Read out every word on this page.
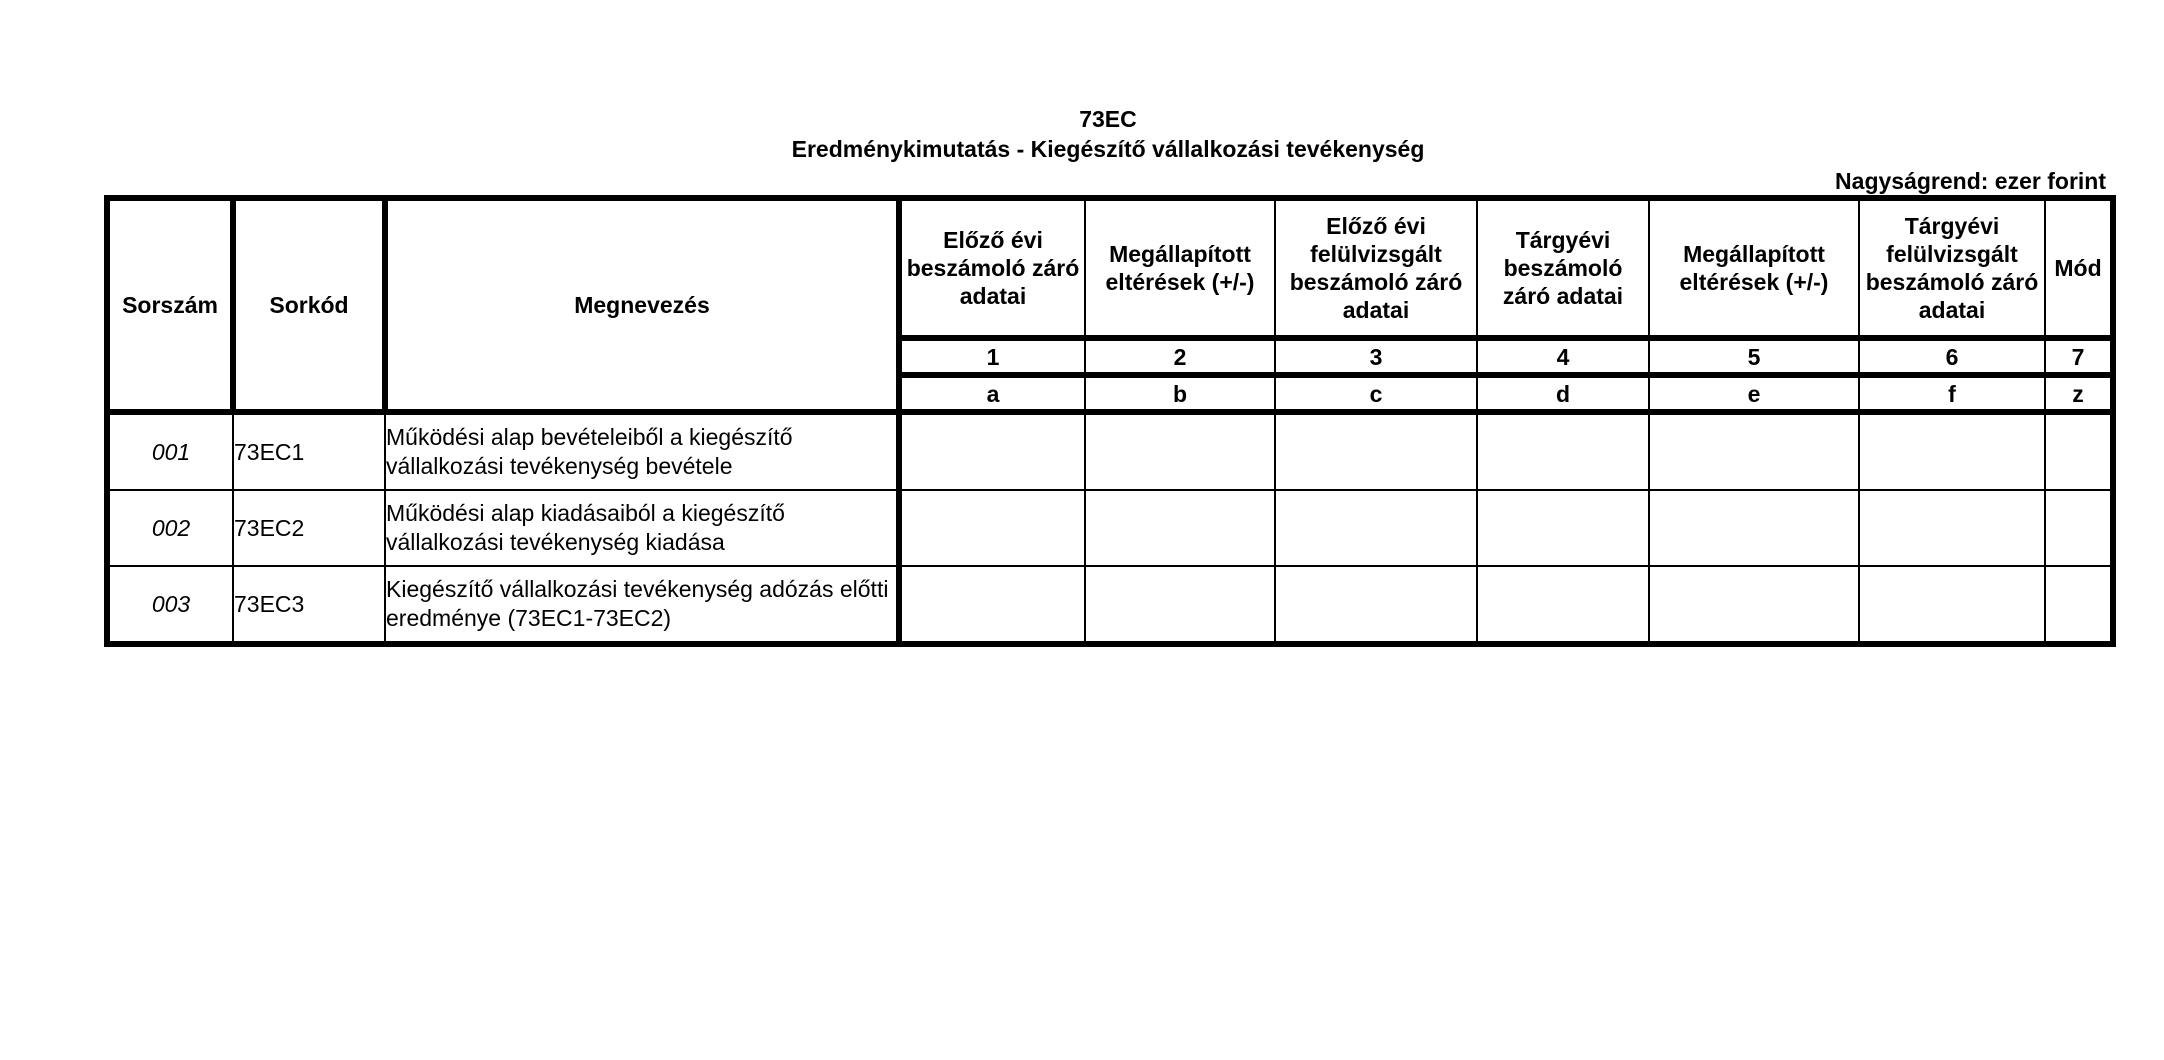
73EC
Eredménykimutatás - Kiegészítő vállalkozási tevékenység
Nagyságrend: ezer forint
Sorszám	Sorkód	Megnevezés	Előző évi beszámoló záró adatai	Megállapított eltérések (+/-)	Előző évi felülvizsgált beszámoló záró adatai	Tárgyévi beszámoló záró adatai	Megállapított eltérések (+/-)	Tárgyévi felülvizsgált beszámoló záró adatai	Mód
			1	2	3	4	5	6	7
			a	b	c	d	e	f	z
001	73EC1	Működési alap bevételeiből a kiegészítő vállalkozási tevékenység bevétele							
002	73EC2	Működési alap kiadásaiból a kiegészítő vállalkozási tevékenység kiadása							
003	73EC3	Kiegészítő vállalkozási tevékenység adózás előtti eredménye (73EC1-73EC2)							
